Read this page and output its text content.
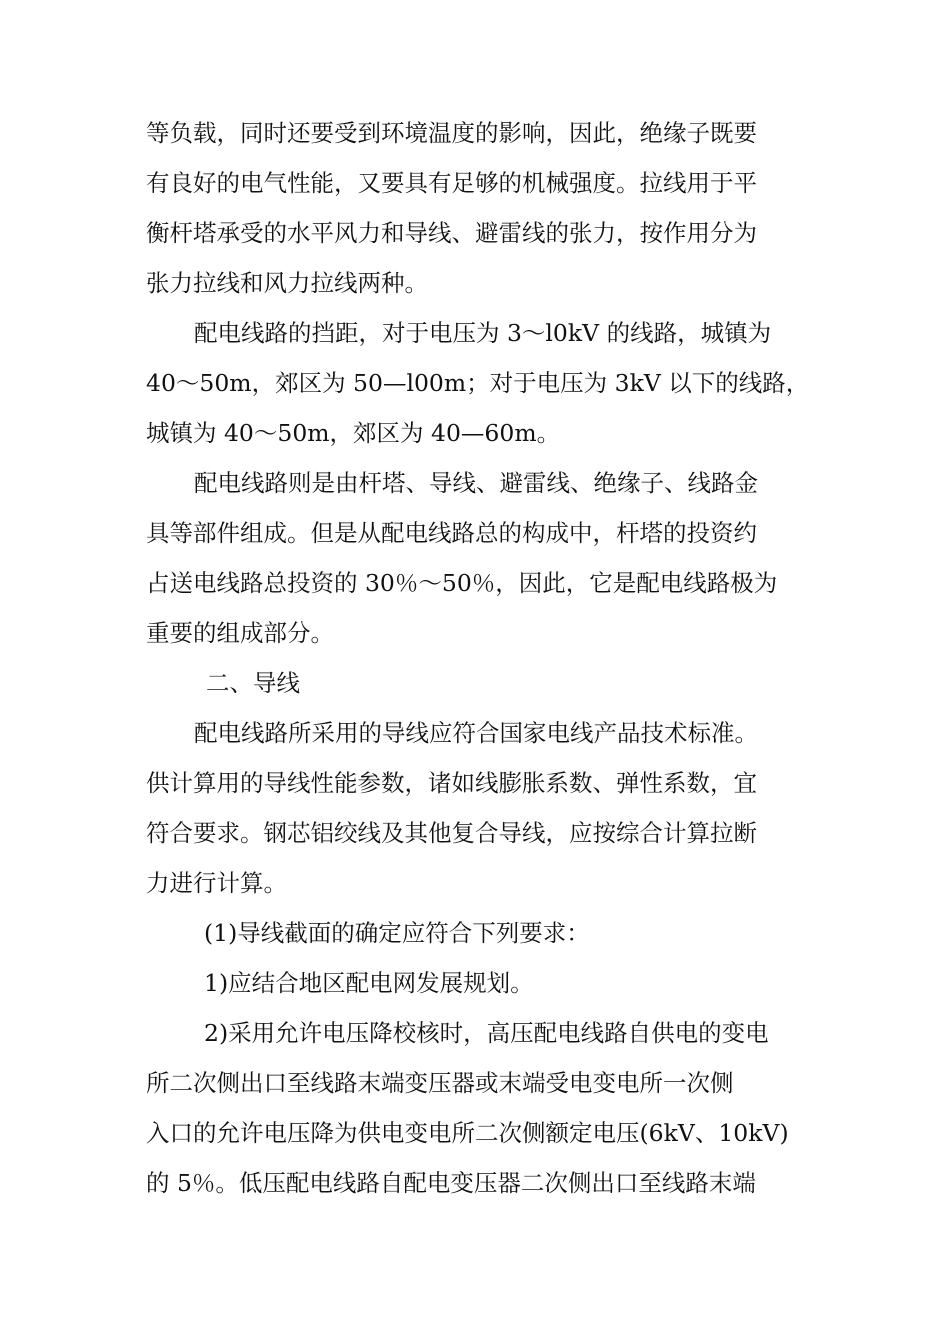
等负载，同时还要受到环境温度的影响，因此，绝缘子既要
有良好的电气性能，又要具有足够的机械强度。拉线用于平
衡杆塔承受的水平风力和导线、避雷线的张力，按作用分为
张力拉线和风力拉线两种。
配电线路的挡距，对于电压为 3～l0kV 的线路，城镇为
40～50m，郊区为 50—l00m；对于电压为 3kV 以下的线路，
城镇为 40～50m，郊区为 40—60m。
配电线路则是由杆塔、导线、避雷线、绝缘子、线路金
具等部件组成。但是从配电线路总的构成中，杆塔的投资约
占送电线路总投资的 30％～50％，因此，它是配电线路极为
重要的组成部分。
二、导线
配电线路所采用的导线应符合国家电线产品技术标准。
供计算用的导线性能参数，诸如线膨胀系数、弹性系数，宜
符合要求。钢芯铝绞线及其他复合导线，应按综合计算拉断
力进行计算。
(1)导线截面的确定应符合下列要求：
1)应结合地区配电网发展规划。
2)采用允许电压降校核时，高压配电线路自供电的变电
所二次侧出口至线路末端变压器或末端受电变电所一次侧
入口的允许电压降为供电变电所二次侧额定电压(6kV、10kV)
的 5％。低压配电线路自配电变压器二次侧出口至线路末端
